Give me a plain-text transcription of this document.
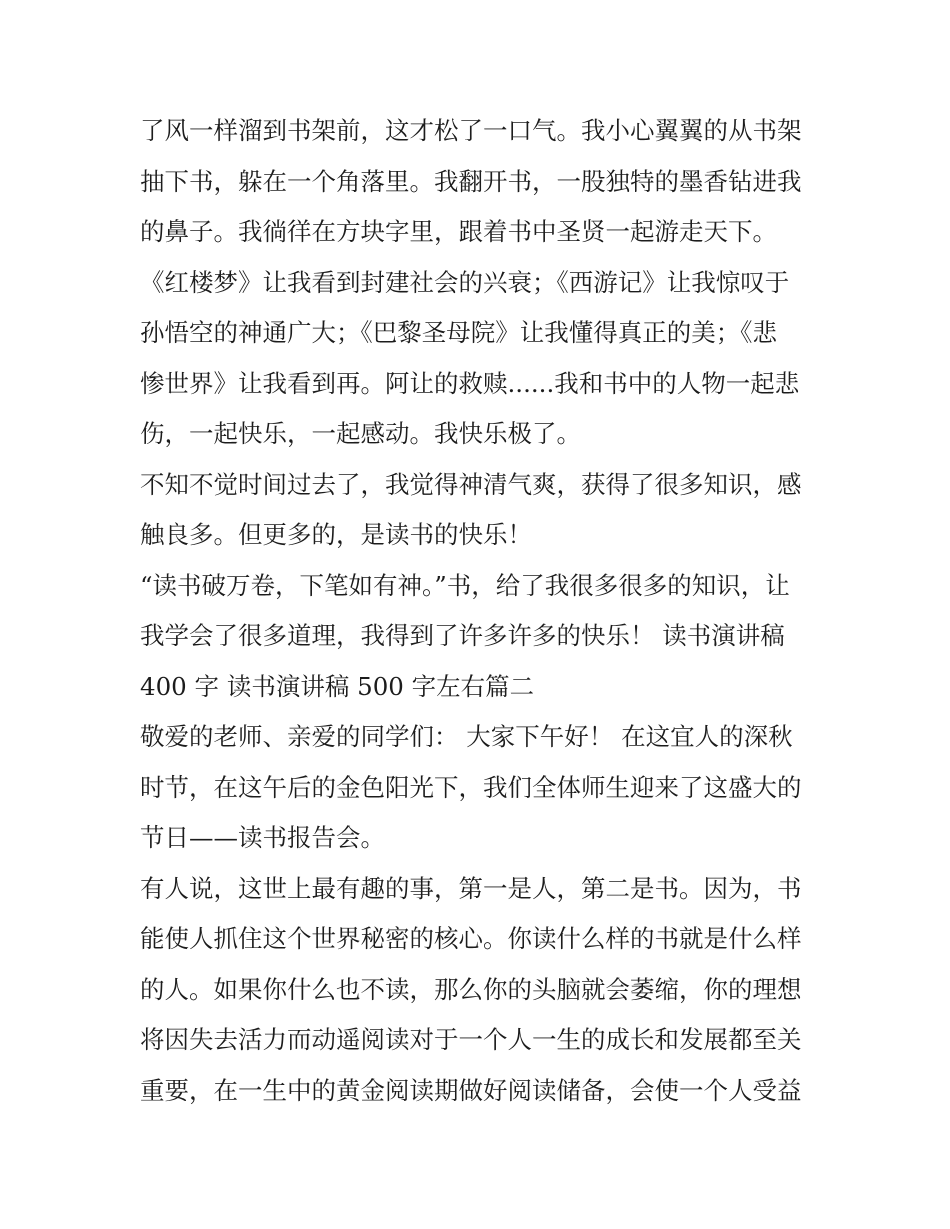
了风一样溜到书架前，这才松了一口气。我小心翼翼的从书架
抽下书，躲在一个角落里。我翻开书，一股独特的墨香钻进我
的鼻子。我徜徉在方块字里，跟着书中圣贤一起游走天下。
《红楼梦》让我看到封建社会的兴衰；《西游记》让我惊叹于
孙悟空的神通广大；《巴黎圣母院》让我懂得真正的美；《悲
惨世界》让我看到再。阿让的救赎......我和书中的人物一起悲
伤，一起快乐，一起感动。我快乐极了。
不知不觉时间过去了，我觉得神清气爽，获得了很多知识，感
触良多。但更多的，是读书的快乐！
“读书破万卷，下笔如有神。”书，给了我很多很多的知识，让
我学会了很多道理，我得到了许多许多的快乐！ 读书演讲稿
400 字 读书演讲稿 500 字左右篇二
敬爱的老师、亲爱的同学们： 大家下午好！ 在这宜人的深秋
时节，在这午后的金色阳光下，我们全体师生迎来了这盛大的
节日——读书报告会。
有人说，这世上最有趣的事，第一是人，第二是书。因为，书
能使人抓住这个世界秘密的核心。你读什么样的书就是什么样
的人。如果你什么也不读，那么你的头脑就会萎缩，你的理想
将因失去活力而动遥阅读对于一个人一生的成长和发展都至关
重要，在一生中的黄金阅读期做好阅读储备，会使一个人受益
